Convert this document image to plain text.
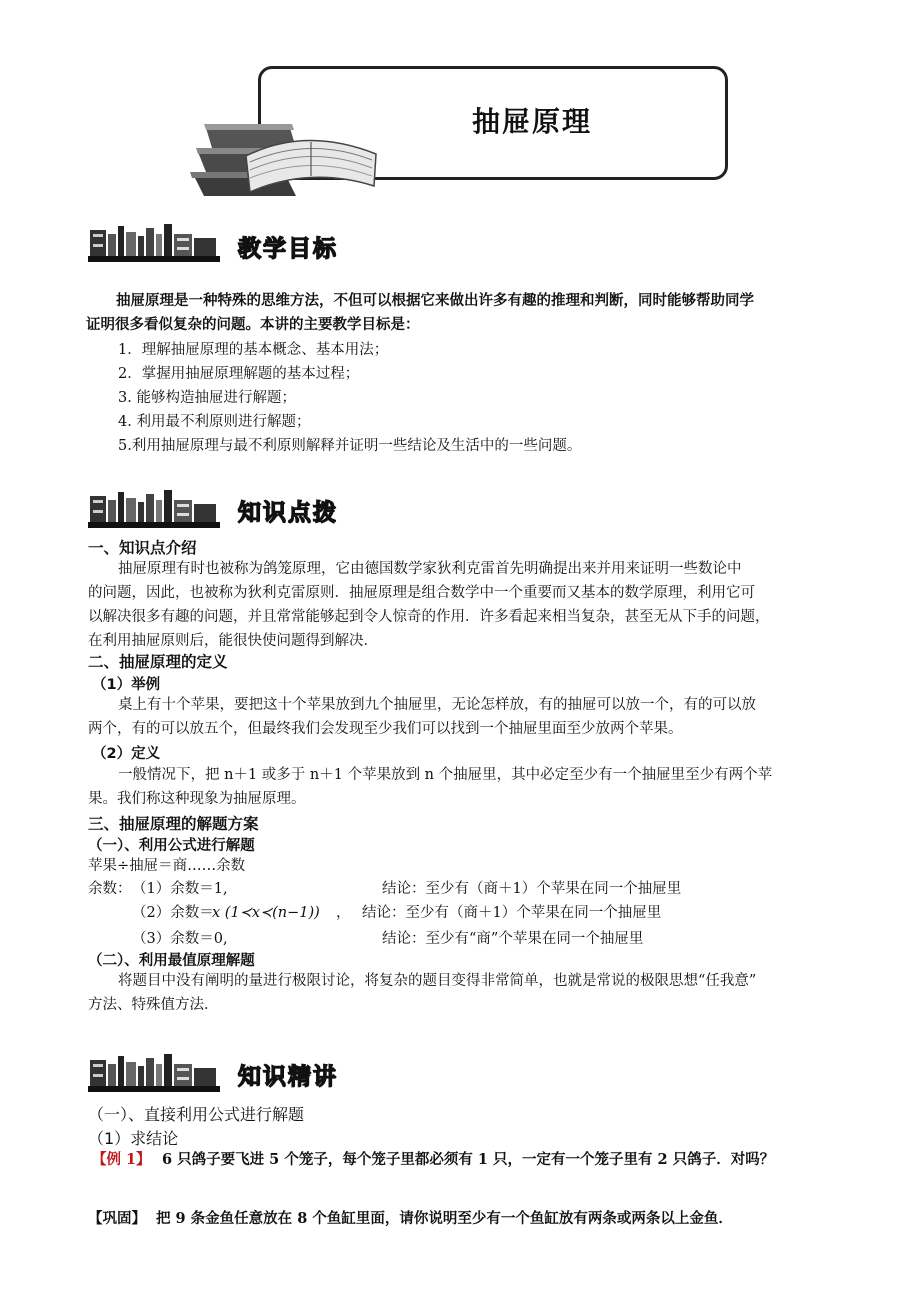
抽屉原理
教学目标
抽屉原理是一种特殊的思维方法，不但可以根据它来做出许多有趣的推理和判断，同时能够帮助同学
证明很多看似复杂的问题。本讲的主要教学目标是：
1．理解抽屉原理的基本概念、基本用法；
2．掌握用抽屉原理解题的基本过程；
3. 能够构造抽屉进行解题；
4. 利用最不利原则进行解题；
5.利用抽屉原理与最不利原则解释并证明一些结论及生活中的一些问题。
知识点拨
一、知识点介绍
抽屉原理有时也被称为鸽笼原理，它由德国数学家狄利克雷首先明确提出来并用来证明一些数论中
的问题，因此，也被称为狄利克雷原则．抽屉原理是组合数学中一个重要而又基本的数学原理，利用它可
以解决很多有趣的问题，并且常常能够起到令人惊奇的作用．许多看起来相当复杂，甚至无从下手的问题，
在利用抽屉原则后，能很快使问题得到解决．
二、抽屉原理的定义
（1）举例
桌上有十个苹果，要把这十个苹果放到九个抽屉里，无论怎样放，有的抽屉可以放一个，有的可以放
两个，有的可以放五个，但最终我们会发现至少我们可以找到一个抽屉里面至少放两个苹果。
（2）定义
一般情况下，把 n＋1 或多于 n＋1 个苹果放到 n 个抽屉里，其中必定至少有一个抽屉里至少有两个苹
果。我们称这种现象为抽屉原理。
三、抽屉原理的解题方案
（一）、利用公式进行解题
苹果÷抽屉＝商……余数
余数： （1）余数＝1,	结论：至少有（商＋1）个苹果在同一个抽屉里
（2）余数＝
x (1≺x≺(n−1)) ， 结论：至少有（商＋1）个苹果在同一个抽屉里
（3）余数＝0,	结论：至少有“商”个苹果在同一个抽屉里
（二）、利用最值原理解题
将题目中没有阐明的量进行极限讨论，将复杂的题目变得非常简单，也就是常说的极限思想“任我意”
方法、特殊值方法．
知识精讲
（一）、直接利用公式进行解题
（1）求结论
【例 1】 6 只鸽子要飞进 5 个笼子，每个笼子里都必须有 1 只，一定有一个笼子里有 2 只鸽子．对吗？
【巩固】 把 9 条金鱼任意放在 8 个鱼缸里面，请你说明至少有一个鱼缸放有两条或两条以上金鱼．
